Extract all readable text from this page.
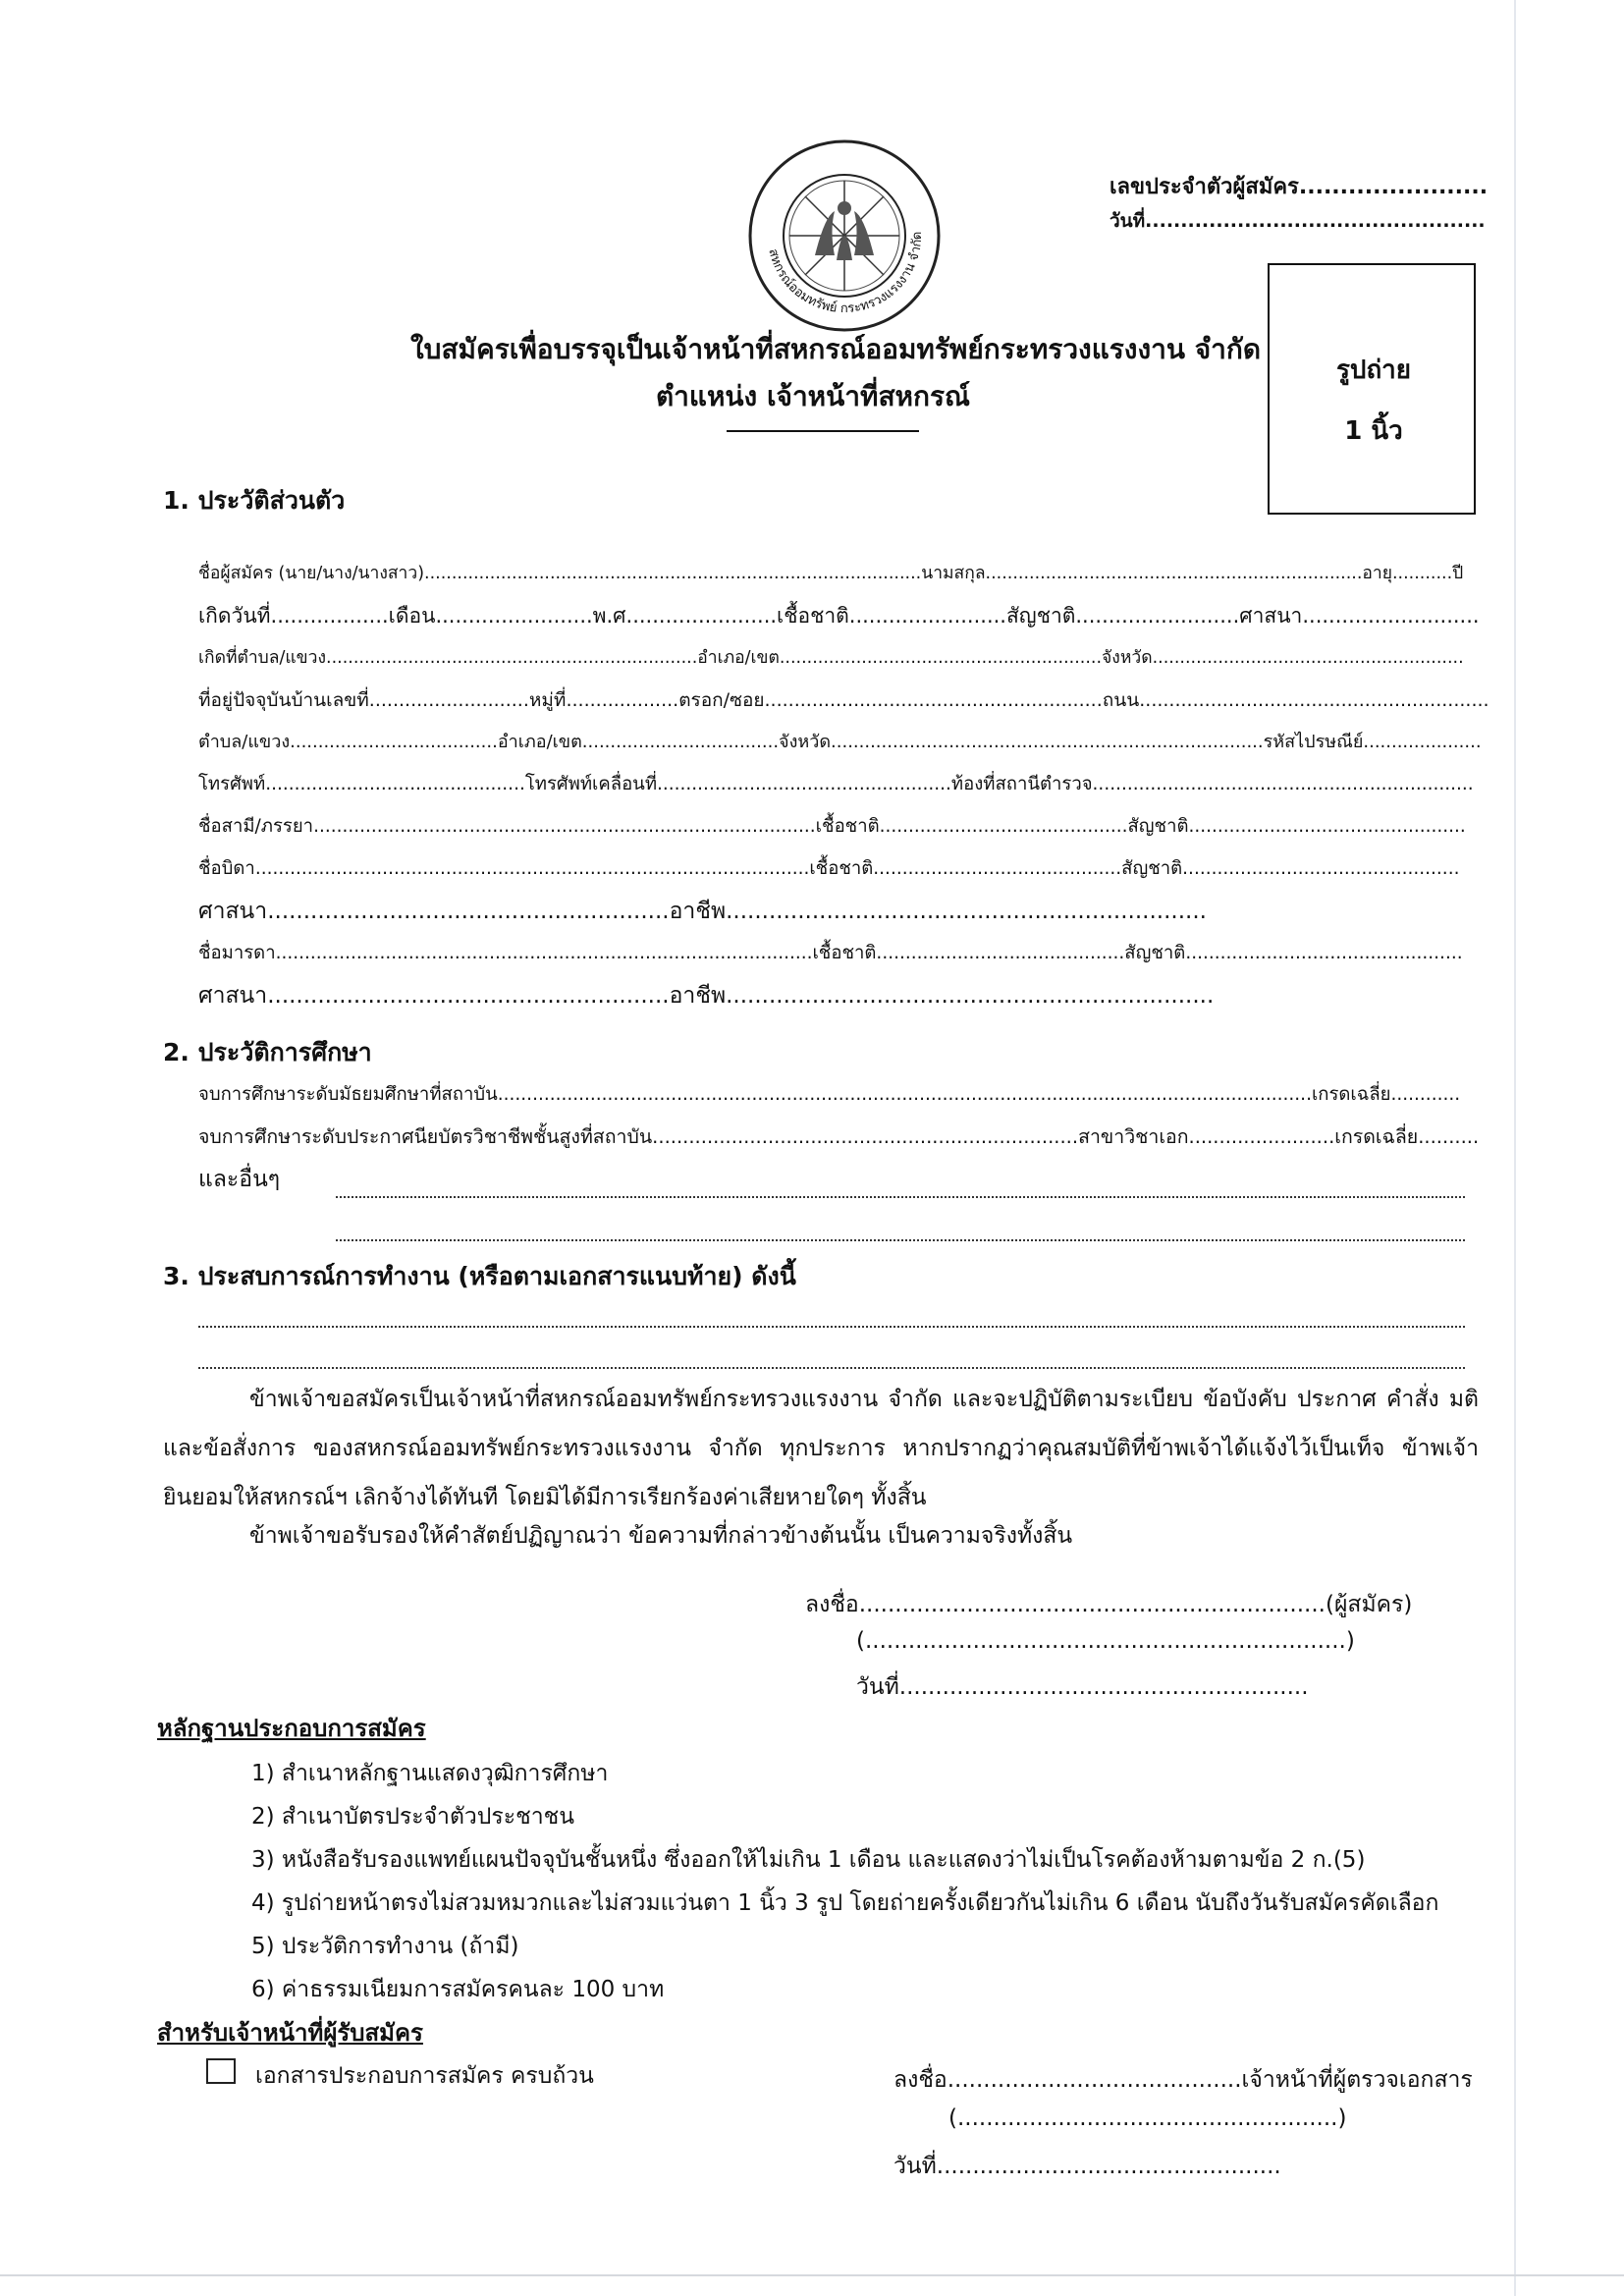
สหกรณ์ออมทรัพย์ กระทรวงแรงงาน จำกัด
เลขประจำตัวผู้สมัคร.......................
วันที่................................................
ใบสมัครเพื่อบรรจุเป็นเจ้าหน้าที่สหกรณ์ออมทรัพย์กระทรวงแรงงาน จำกัด
ตำแหน่ง เจ้าหน้าที่สหกรณ์
รูปถ่าย
1 นิ้ว
1. ประวัติส่วนตัว
ชื่อผู้สมัคร (นาย/นาง/นางสาว)...........................................................................................นามสกุล.....................................................................อายุ...........ปี
เกิดวันที่..................เดือน........................พ.ศ.......................เชื้อชาติ........................สัญชาติ.........................ศาสนา...........................
เกิดที่ตำบล/แขวง....................................................................อำเภอ/เขต...........................................................จังหวัด.........................................................
ที่อยู่ปัจจุบันบ้านเลขที่...........................หมู่ที่...................ตรอก/ซอย.........................................................ถนน...........................................................
ตำบล/แขวง.....................................อำเภอ/เขต...................................จังหวัด.............................................................................รหัสไปรษณีย์.....................
โทรศัพท์.............................................โทรศัพท์เคลื่อนที่...................................................ท้องที่สถานีตำรวจ..................................................................
ชื่อสามี/ภรรยา.......................................................................................เชื้อชาติ...........................................สัญชาติ................................................
ชื่อบิดา................................................................................................เชื้อชาติ...........................................สัญชาติ................................................
ศาสนา........................................................อาชีพ...................................................................
ชื่อมารดา.............................................................................................เชื้อชาติ...........................................สัญชาติ................................................
ศาสนา........................................................อาชีพ....................................................................
2. ประวัติการศึกษา
จบการศึกษาระดับมัธยมศึกษาที่สถาบัน.............................................................................................................................................เกรดเฉลี่ย............
จบการศึกษาระดับประกาศนียบัตรวิชาชีพชั้นสูงที่สถาบัน......................................................................สาขาวิชาเอก........................เกรดเฉลี่ย..........
และอื่นๆ
3. ประสบการณ์การทำงาน (หรือตามเอกสารแนบท้าย) ดังนี้
ข้าพเจ้าขอสมัครเป็นเจ้าหน้าที่สหกรณ์ออมทรัพย์กระทรวงแรงงาน จำกัด และจะปฏิบัติตามระเบียบ ข้อบังคับ ประกาศ คำสั่ง มติ และข้อสั่งการ ของสหกรณ์ออมทรัพย์กระทรวงแรงงาน จำกัด ทุกประการ หากปรากฏว่าคุณสมบัติที่ข้าพเจ้าได้แจ้งไว้เป็นเท็จ ข้าพเจ้ายินยอมให้สหกรณ์ฯ เลิกจ้างได้ทันที โดยมิได้มีการเรียกร้องค่าเสียหายใดๆ ทั้งสิ้น
ข้าพเจ้าขอรับรองให้คำสัตย์ปฏิญาณว่า ข้อความที่กล่าวข้างต้นนั้น เป็นความจริงทั้งสิ้น
ลงชื่อ.................................................................(ผู้สมัคร)
(...................................................................)
วันที่.........................................................
หลักฐานประกอบการสมัคร
1) สำเนาหลักฐานแสดงวุฒิการศึกษา
2) สำเนาบัตรประจำตัวประชาชน
3) หนังสือรับรองแพทย์แผนปัจจุบันชั้นหนึ่ง ซึ่งออกให้ไม่เกิน 1 เดือน และแสดงว่าไม่เป็นโรคต้องห้ามตามข้อ 2 ก.(5)
4) รูปถ่ายหน้าตรงไม่สวมหมวกและไม่สวมแว่นตา 1 นิ้ว 3 รูป โดยถ่ายครั้งเดียวกันไม่เกิน 6 เดือน นับถึงวันรับสมัครคัดเลือก
5) ประวัติการทำงาน (ถ้ามี)
6) ค่าธรรมเนียมการสมัครคนละ 100 บาท
สำหรับเจ้าหน้าที่ผู้รับสมัคร
เอกสารประกอบการสมัคร ครบถ้วน	ลงชื่อ.........................................เจ้าหน้าที่ผู้ตรวจเอกสาร
(.....................................................)
วันที่................................................
